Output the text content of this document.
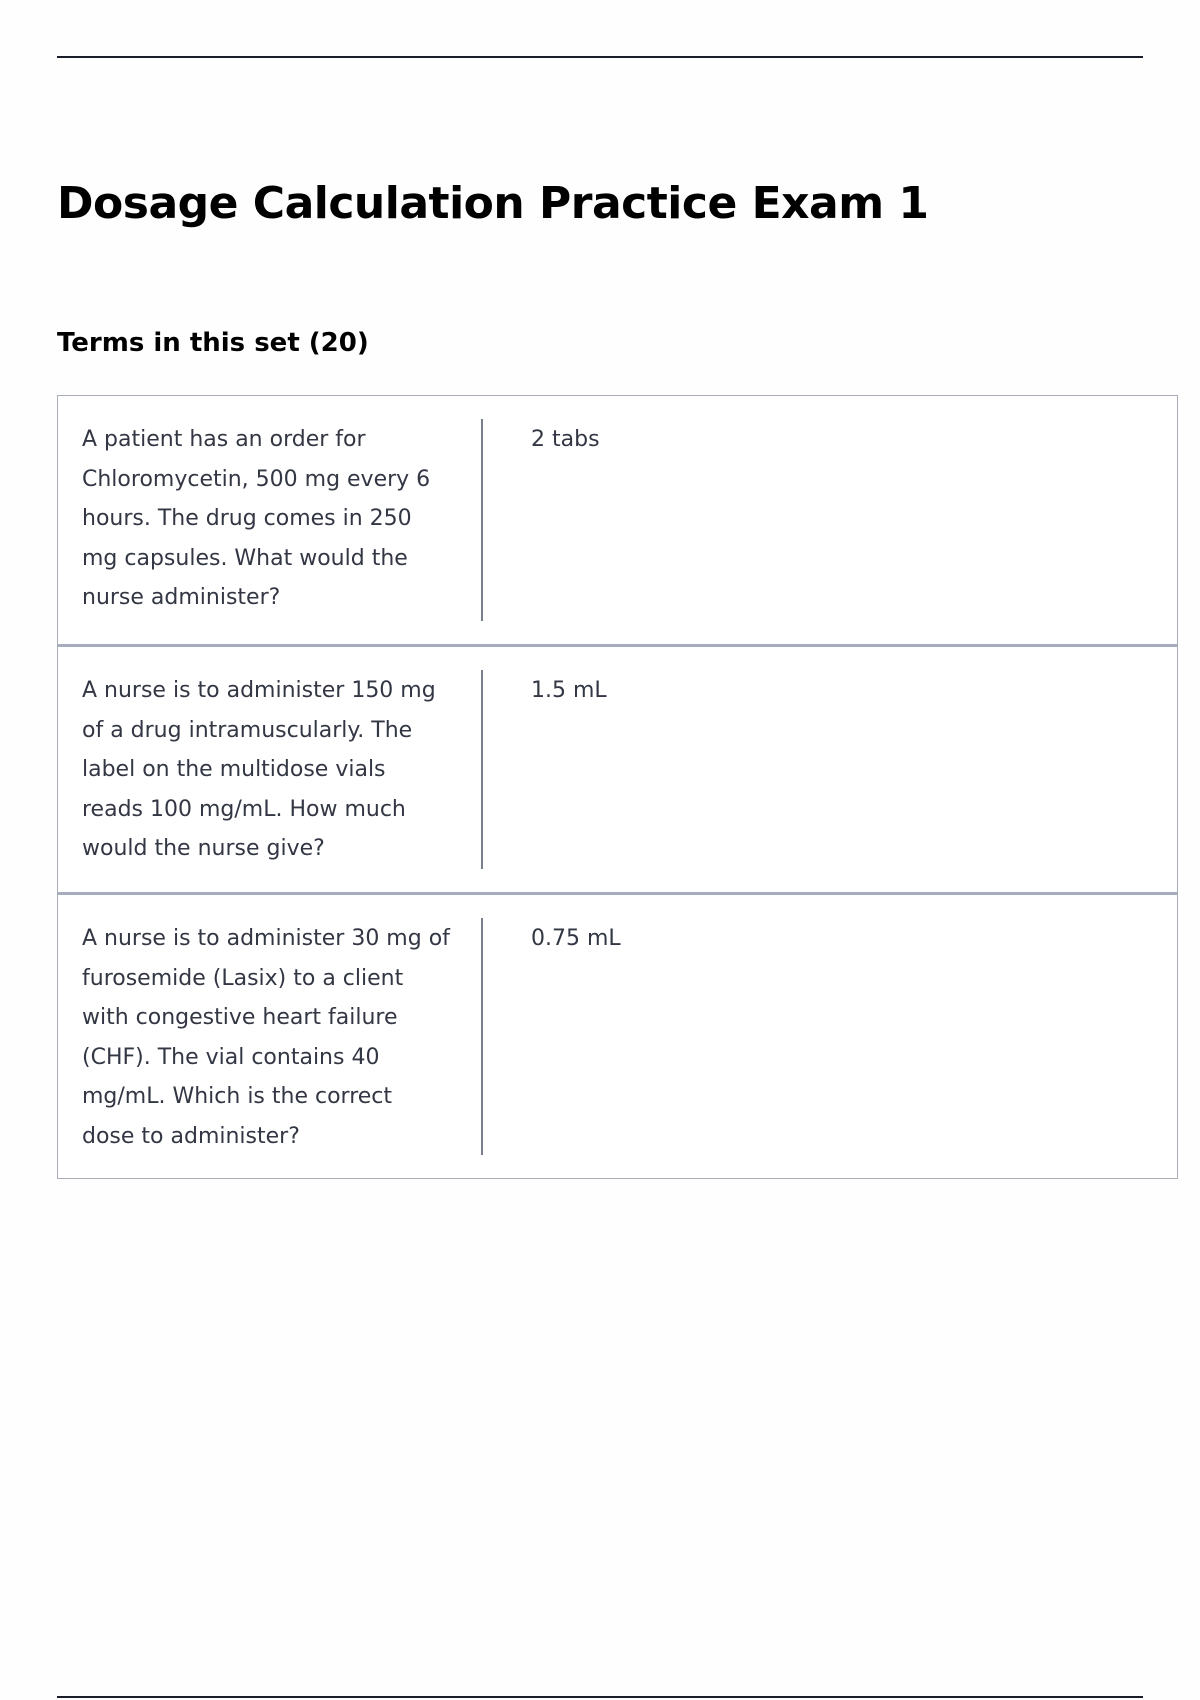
Dosage Calculation Practice Exam 1
Terms in this set (20)
A patient has an order for Chloromycetin, 500 mg every 6 hours. The drug comes in 250 mg capsules. What would the nurse administer?
2 tabs
A nurse is to administer 150 mg of a drug intramuscularly. The label on the multidose vials reads 100 mg/mL. How much would the nurse give?
1.5 mL
A nurse is to administer 30 mg of furosemide (Lasix) to a client with congestive heart failure (CHF). The vial contains 40 mg/mL. Which is the correct dose to administer?
0.75 mL
